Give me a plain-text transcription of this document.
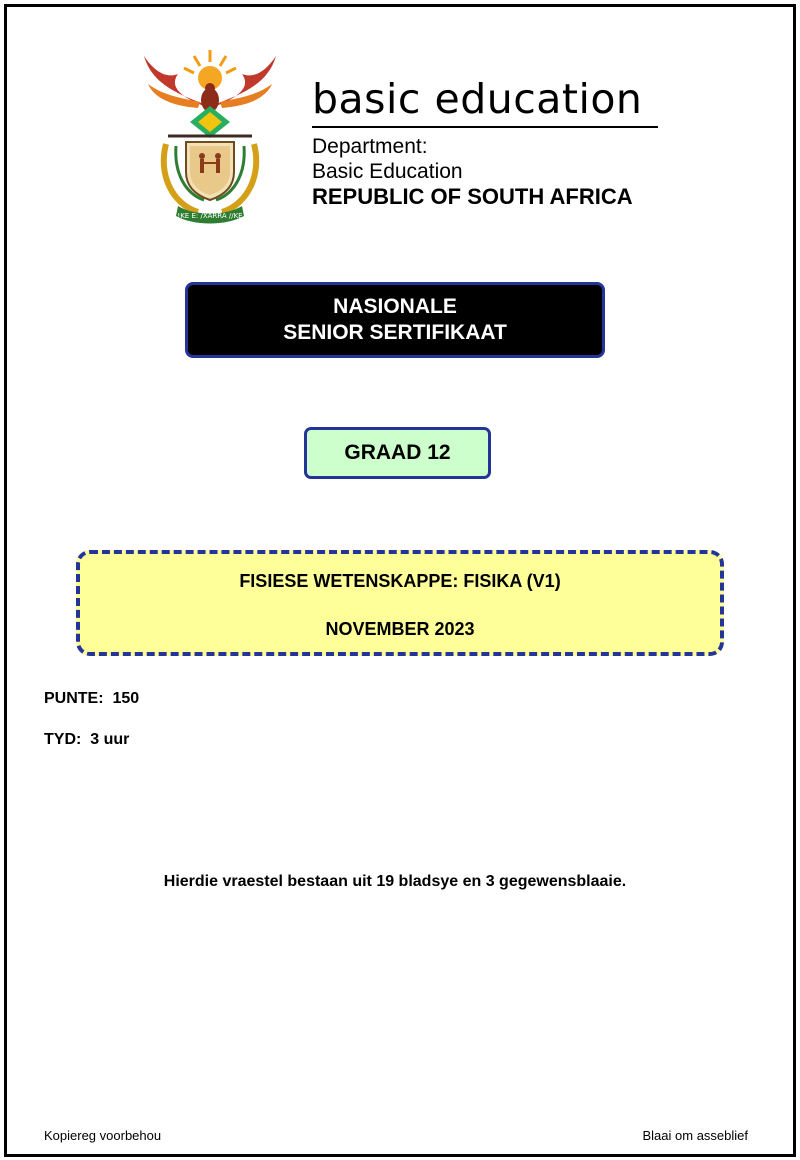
!KE E: /XARRA //KE
basic education
Department:
Basic Education
REPUBLIC OF SOUTH AFRICA
NASIONALE
SENIOR SERTIFIKAAT
GRAAD 12
FISIESE WETENSKAPPE: FISIKA (V1)
NOVEMBER 2023
PUNTE:  150
TYD:  3 uur
Hierdie vraestel bestaan uit 19 bladsye en 3 gegewensblaaie.
Kopiereg voorbehou	Blaai om asseblief
